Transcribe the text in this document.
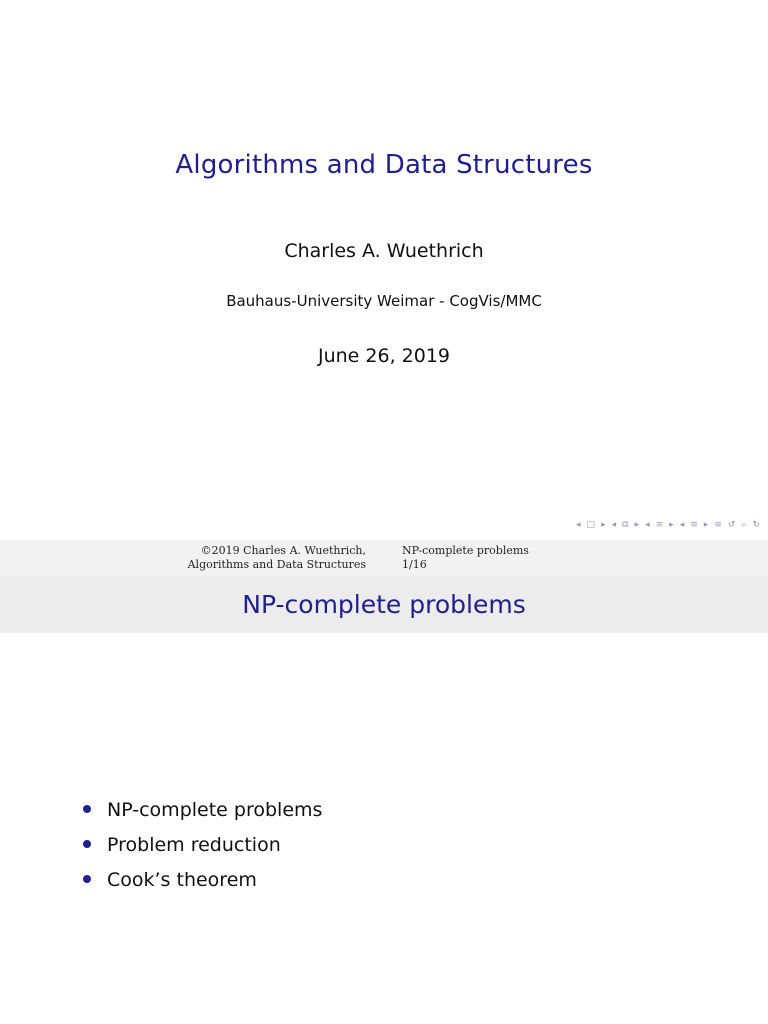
Algorithms and Data Structures
Charles A. Wuethrich
Bauhaus-University Weimar - CogVis/MMC
June 26, 2019
◂ □ ▸ ◂ ⧉ ▸ ◂ ≡ ▸ ◂ ≡ ▸ ≡ ↺ ⌕ ↻
©2019 Charles A. Wuethrich,
Algorithms and Data Structures
NP-complete problems
1/16
NP-complete problems
NP-complete problems
Problem reduction
Cook’s theorem
